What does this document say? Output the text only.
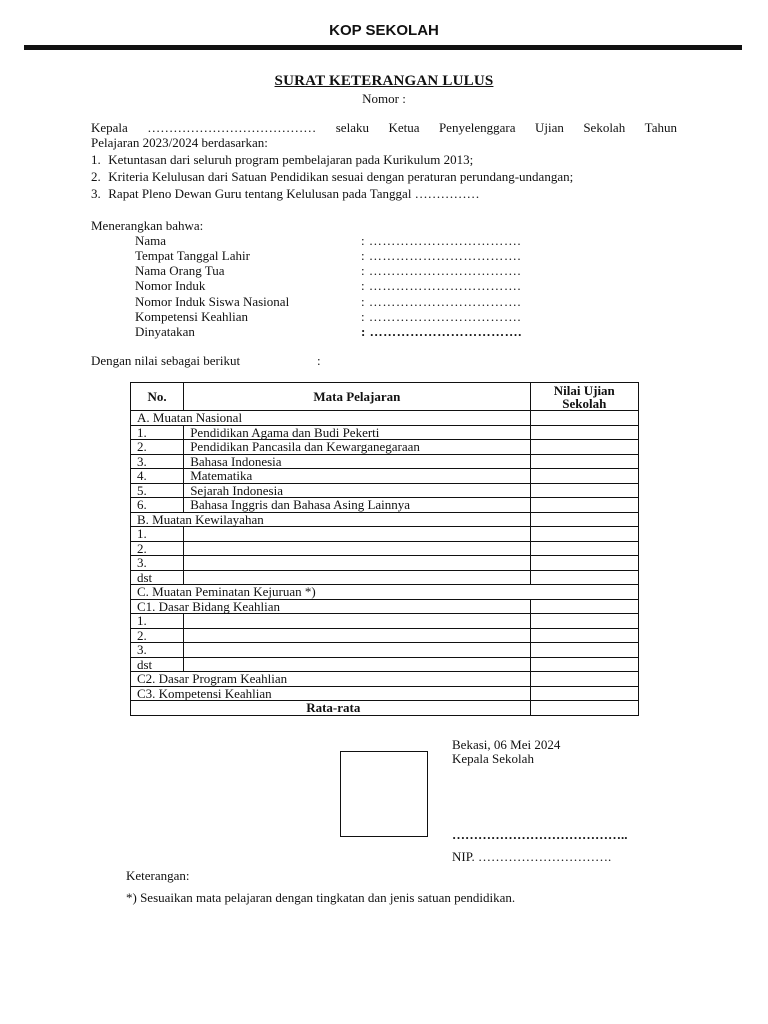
KOP SEKOLAH
SURAT KETERANGAN LULUS
Nomor :
Kepala ………………………………… selaku Ketua Penyelenggara Ujian Sekolah Tahun
Pelajaran 2023/2024 berdasarkan:
1. Ketuntasan dari seluruh program pembelajaran pada Kurikulum 2013;
2. Kriteria Kelulusan dari Satuan Pendidikan sesuai dengan peraturan perundang-undangan;
3. Rapat Pleno Dewan Guru tentang Kelulusan pada Tanggal ……………
Menerangkan bahwa:
Nama	: …………………………….
Tempat Tanggal Lahir	: …………………………….
Nama Orang Tua	: …………………………….
Nomor Induk	: …………………………….
Nomor Induk Siswa Nasional	: …………………………….
Kompetensi Keahlian	: …………………………….
Dinyatakan	: …………………………….
Dengan nilai sebagai berikut	:
No.	Mata Pelajaran	Nilai Ujian
Sekolah

A. Muatan Nasional		
1.	Pendidikan Agama dan Budi Pekerti	
2.	Pendidikan Pancasila dan Kewarganegaraan	
3.	Bahasa Indonesia	
4.	Matematika	
5.	Sejarah Indonesia	
6.	Bahasa Inggris dan Bahasa Asing Lainnya	
B. Muatan Kewilayahan		
1.		
2.		
3.		
dst		
C. Muatan Peminatan Kejuruan *)		
C1. Dasar Bidang Keahlian		
1.		
2.		
3.		
dst		
C2. Dasar Program Keahlian		
C3. Kompetensi Keahlian		
Rata-rata		
Bekasi, 06 Mei 2024
Kepala Sekolah
…………………………………..
NIP. ………………………….
Keterangan:
*) Sesuaikan mata pelajaran dengan tingkatan dan jenis satuan pendidikan.
